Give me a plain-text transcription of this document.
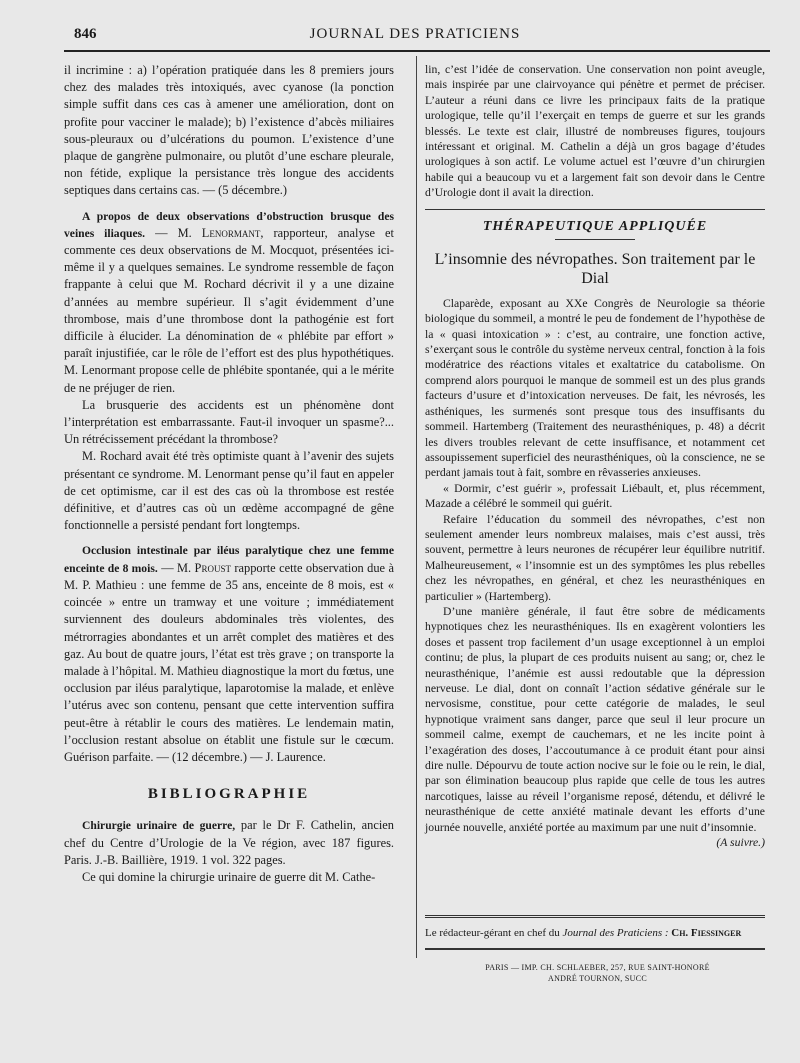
846	JOURNAL DES PRATICIENS

il incrimine : a) l’opération pratiquée dans les 8 premiers jours chez des malades très intoxiqués, avec cyanose (la ponction simple suffit dans ces cas à amener une amélioration, dont on profite pour vacciner le malade); b) l’existence d’abcès miliaires sous-pleuraux ou d’ulcérations du poumon. L’existence d’une plaque de gangrène pulmonaire, ou plutôt d’une eschare pleurale, non fétide, explique la persistance très longue des accidents septiques dans certains cas. — (5 décembre.)

A propos de deux observations d’obstruction brusque des veines iliaques. — M. Lenormant, rapporteur, analyse et commente ces deux observations de M. Mocquot, présentées ici-même il y a quelques semaines. Le syndrome ressemble de façon frappante à celui que M. Rochard décrivit il y a une dizaine d’années au membre supérieur. Il s’agit évidemment d’une thrombose, mais d’une thrombose dont la pathogénie est fort difficile à élucider. La dénomination de « phlébite par effort » paraît injustifiée, car le rôle de l’effort est des plus hypothétiques. M. Lenormant propose celle de phlébite spontanée, qui a le mérite de ne préjuger de rien.

La brusquerie des accidents est un phénomène dont l’interprétation est embarrassante. Faut-il invoquer un spasme?... Un rétrécissement précédant la thrombose?

M. Rochard avait été très optimiste quant à l’avenir des sujets présentant ce syndrome. M. Lenormant pense qu’il faut en appeler de cet optimisme, car il est des cas où la thrombose est restée définitive, et d’autres cas où un œdème accompagné de gêne fonctionnelle a persisté pendant fort longtemps.

Occlusion intestinale par iléus paralytique chez une femme enceinte de 8 mois. — M. Proust rapporte cette observation due à M. P. Mathieu : une femme de 35 ans, enceinte de 8 mois, est « coincée » entre un tramway et une voiture ; immédiatement surviennent des douleurs abdominales très violentes, des métrorragies abondantes et un arrêt complet des matières et des gaz. Au bout de quatre jours, l’état est très grave ; on transporte la malade à l’hôpital. M. Mathieu diagnostique la mort du fœtus, une occlusion par iléus paralytique, laparotomise la malade, et enlève l’utérus avec son contenu, pensant que cette intervention suffira peut-être à rétablir le cours des matières. Le lendemain matin, l’occlusion restant absolue on établit une fistule sur le cœcum. Guérison parfaite. — (12 décembre.) — J. Laurence.

BIBLIOGRAPHIE

Chirurgie urinaire de guerre, par le Dr F. Cathelin, ancien chef du Centre d’Urologie de la Ve région, avec 187 figures. Paris. J.-B. Baillière, 1919. 1 vol. 322 pages.

Ce qui domine la chirurgie urinaire de guerre dit M. Cathe-

lin, c’est l’idée de conservation. Une conservation non point aveugle, mais inspirée par une clairvoyance qui pénètre et permet de préciser. L’auteur a réuni dans ce livre les principaux faits de la pratique urologique, telle qu’il l’exerçait en temps de guerre et sur les grands blessés. Le texte est clair, illustré de nombreuses figures, toujours intéressant et original. M. Cathelin a déjà un gros bagage d’études urologiques à son actif. Le volume actuel est l’œuvre d’un chirurgien habile qui a beaucoup vu et a largement fait son devoir dans le Centre d’Urologie dont il avait la direction.

THÉRAPEUTIQUE APPLIQUÉE
L’insomnie des névropathes. Son traitement par le Dial

Claparède, exposant au XXe Congrès de Neurologie sa théorie biologique du sommeil, a montré le peu de fondement de l’hypothèse de la « quasi intoxication » : c’est, au contraire, une fonction active, s’exerçant sous le contrôle du système nerveux central, fonction à la fois modératrice des réactions vitales et exaltatrice du catabolisme. On comprend alors pourquoi le manque de sommeil est un des plus grands facteurs d’usure et d’intoxication nerveuses. De fait, les névrosés, les asthéniques, les surmenés sont presque tous des insuffisants du sommeil. Hartemberg (Traitement des neurasthéniques, p. 48) a décrit les divers troubles relevant de cette insuffisance, et notamment cet assoupissement superficiel des neurasthéniques, où la conscience, ne se perdant jamais tout à fait, sombre en rêvasseries anxieuses.

« Dormir, c’est guérir », professait Liébault, et, plus récemment, Mazade a célébré le sommeil qui guérit.

Refaire l’éducation du sommeil des névropathes, c’est non seulement amender leurs nombreux malaises, mais c’est aussi, très souvent, permettre à leurs neurones de récupérer leur équilibre nutritif. Malheureusement, « l’insomnie est un des symptômes les plus rebelles chez les névropathes, en général, et chez les neurasthéniques en particulier » (Hartemberg).

D’une manière générale, il faut être sobre de médicaments hypnotiques chez les neurasthéniques. Ils en exagèrent volontiers les doses et passent trop facilement d’un usage exceptionnel à un emploi continu; de plus, la plupart de ces produits nuisent au sang; or, chez le neurasthénique, l’anémie est aussi redoutable que la dépression nerveuse. Le dial, dont on connaît l’action sédative générale sur le nervosisme, constitue, pour cette catégorie de malades, le seul hypnotique vraiment sans danger, parce que seul il leur procure un sommeil calme, exempt de cauchemars, et ne les incite point à l’exagération des doses, l’accoutumance à ce produit étant pour ainsi dire nulle. Dépourvu de toute action nocive sur le foie ou le rein, le dial, par son élimination beaucoup plus rapide que celle de tous les autres narcotiques, laisse au réveil l’organisme reposé, détendu, et délivré le neurasthénique de cette anxiété matinale devant les efforts d’une journée nouvelle, anxiété portée au maximum par une nuit d’insomnie.
(A suivre.)

Le rédacteur-gérant en chef du Journal des Praticiens : Ch. Fiessinger
PARIS — IMP. CH. SCHLAEBER, 257, RUE SAINT-HONORÉ
ANDRÉ TOURNON, SUCC
